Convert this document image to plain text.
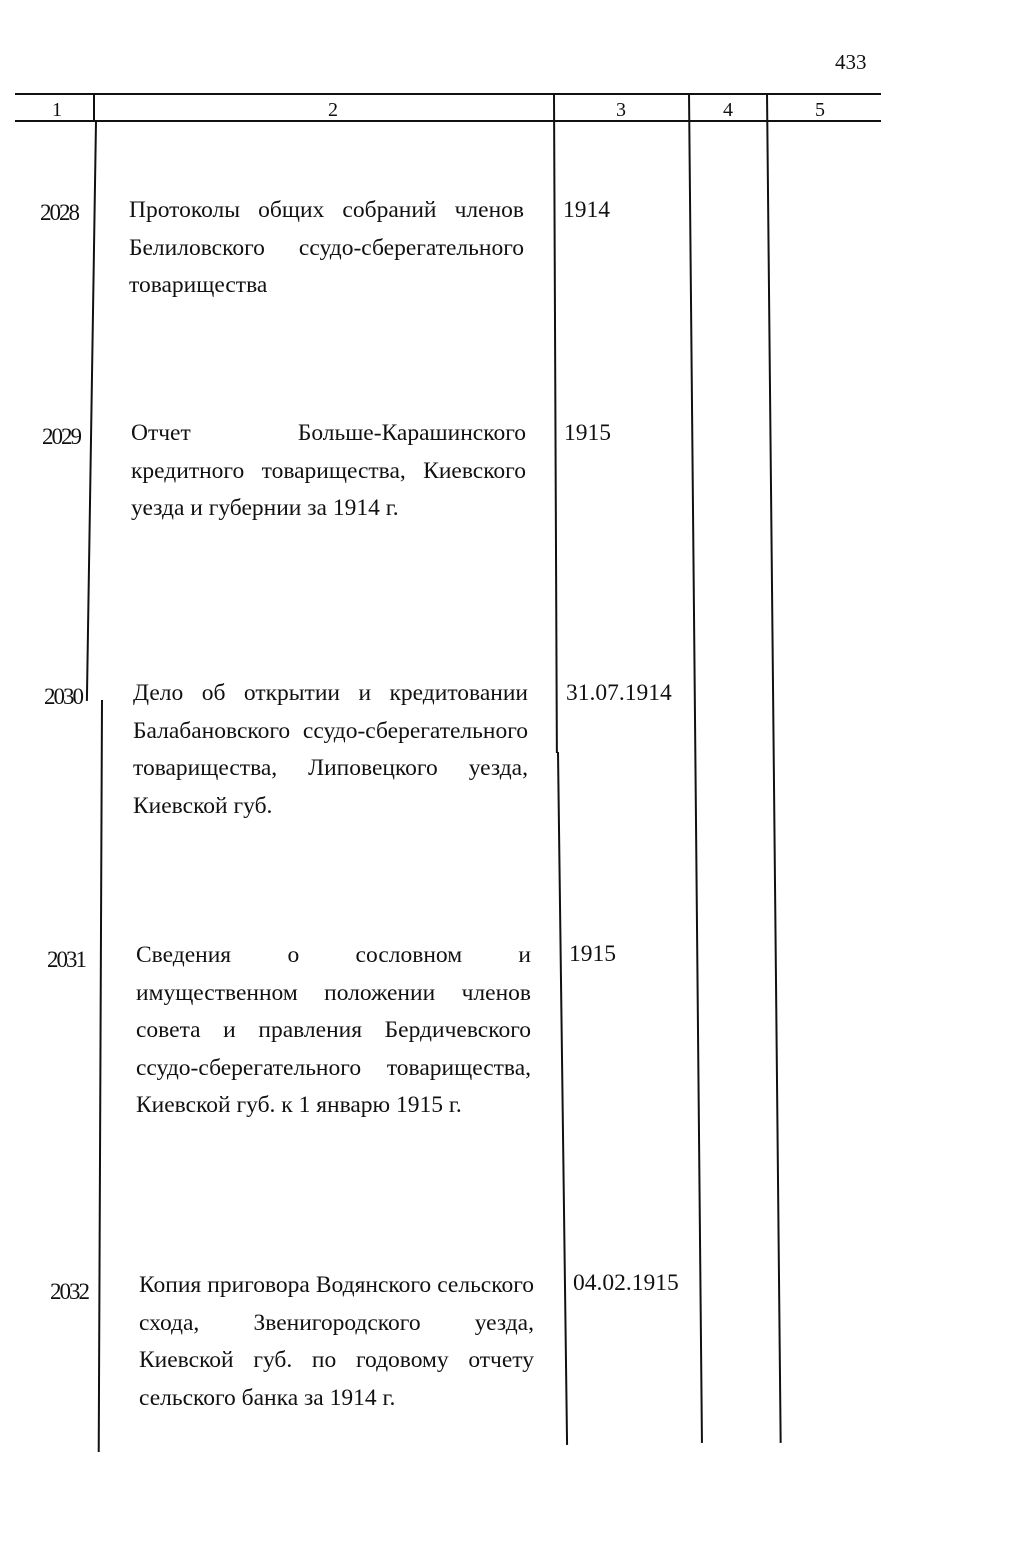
433
1	2	3	4	5
2028 Протоколы общих собраний членов Белиловского ссудо-сберегательного товарищества
1914
2029 Отчет Больше-Карашинского кредитного товарищества, Киевского уезда и губернии за 1914 г.
1915
2030 Дело об открытии и кредитовании Балабановского ссудо-сберегательного товарищества, Липовецкого уезда, Киевской губ.
31.07.1914
2031 Сведения о сословном и имущественном положении членов совета и правления Бердичевского ссудо-сберегательного товарищества, Киевской губ. к 1 январю 1915 г.
1915
2032 Копия приговора Водянского сельского схода, Звенигородского уезда, Киевской губ. по годовому отчету сельского банка за 1914 г.
04.02.1915
